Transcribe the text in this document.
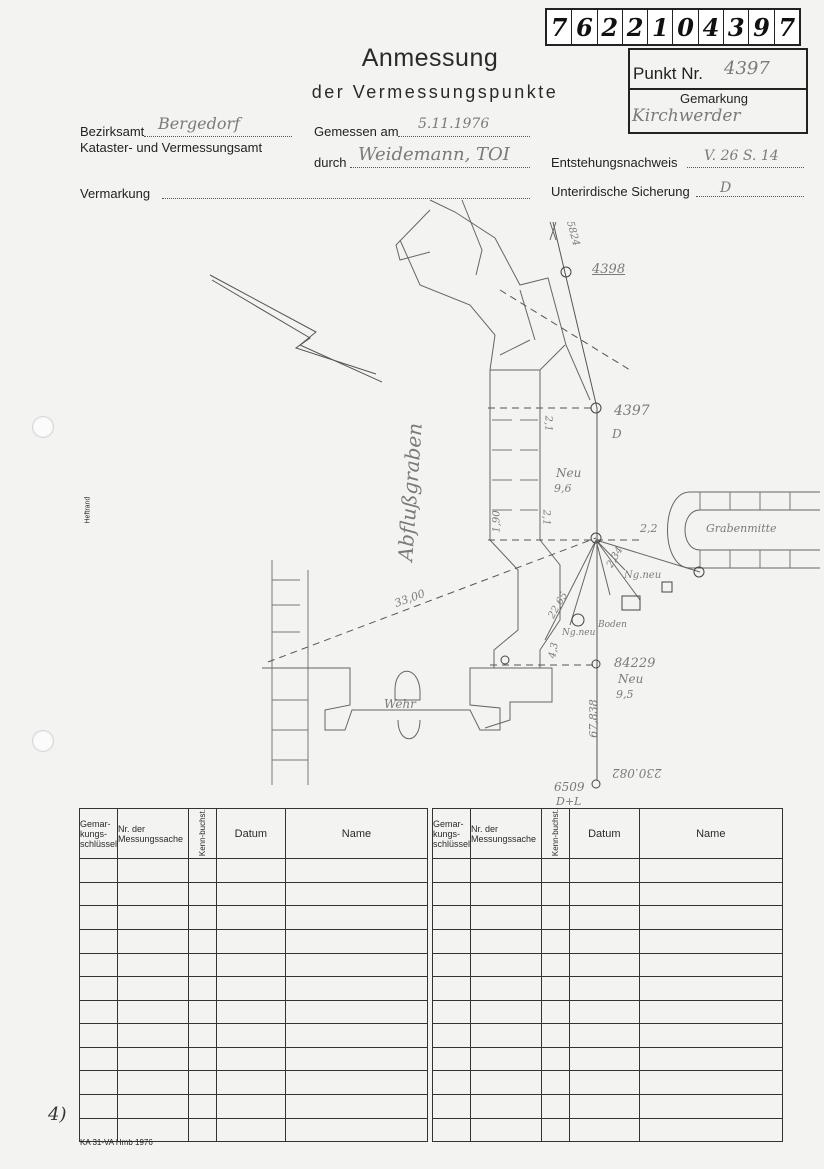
7 6 2 2 1 0 4 3 9 7
Anmessung
der Vermessungspunkte
Punkt Nr. 4397
Gemarkung
Kirchwerder
Bezirksamt Bergedorf
Kataster- und Vermessungsamt
Gemessen am 5.11.1976
durch Weidemann, TOI	Entstehungsnachweis V. 26 S. 14
Vermarkung	Unterirdische Sicherung D
Heftrand	Abflußgraben
Wehr
Grabenmitte
4398
4397
D
84229
6509
D+L
230.082
Neu
9,6
Neu
9,5
Ng.neu
Ng.neu
Boden
33,00	22,65
2,2
67,838
5824
2,1
2,1
1,90
2,34
4,3
Gemar-kungs-schlüssel	Nr. der Messungssache	Kenn-buchst.	Datum	Name

Gemar-kungs-schlüssel	Nr. der Messungssache	Kenn-buchst.	Datum	Name

4)
KA 31-VA Hmb 1976
